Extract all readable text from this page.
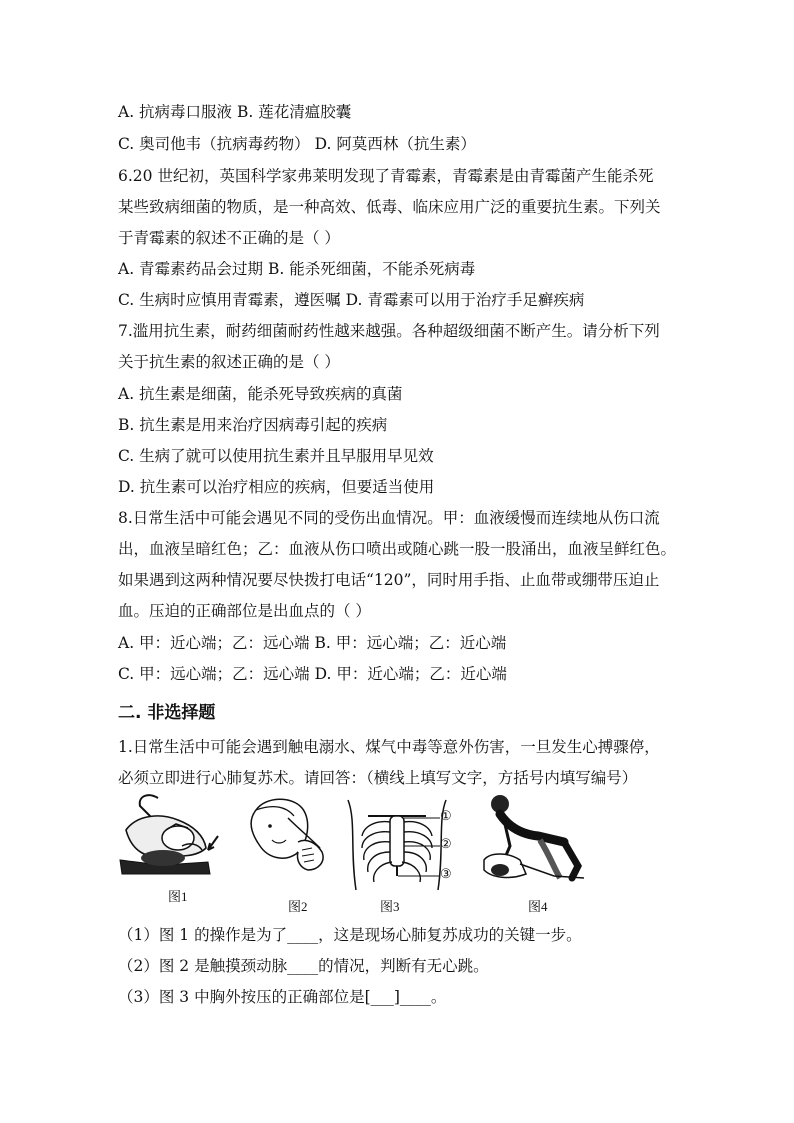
A. 抗病毒口服液 B. 莲花清瘟胶囊
C. 奥司他韦（抗病毒药物） D. 阿莫西林（抗生素）
6.20 世纪初，英国科学家弗莱明发现了青霉素，青霉素是由青霉菌产生能杀死
某些致病细菌的物质，是一种高效、低毒、临床应用广泛的重要抗生素。下列关
于青霉素的叙述不正确的是（ ）
A. 青霉素药品会过期 B. 能杀死细菌，不能杀死病毒
C. 生病时应慎用青霉素，遵医嘱 D. 青霉素可以用于治疗手足癣疾病
7.滥用抗生素，耐药细菌耐药性越来越强。各种超级细菌不断产生。请分析下列
关于抗生素的叙述正确的是（ ）
A. 抗生素是细菌，能杀死导致疾病的真菌
B. 抗生素是用来治疗因病毒引起的疾病
C. 生病了就可以使用抗生素并且早服用早见效
D. 抗生素可以治疗相应的疾病，但要适当使用
8.日常生活中可能会遇见不同的受伤出血情况。甲：血液缓慢而连续地从伤口流
出，血液呈暗红色；乙：血液从伤口喷出或随心跳一股一股涌出，血液呈鲜红色。
如果遇到这两种情况要尽快拨打电话“120”，同时用手指、止血带或绷带压迫止
血。压迫的正确部位是出血点的（ ）
A. 甲：近心端；乙：远心端 B. 甲：远心端；乙：近心端
C. 甲：远心端；乙：远心端 D. 甲：近心端；乙：近心端
二. 非选择题
1.日常生活中可能会遇到触电溺水、煤气中毒等意外伤害，一旦发生心搏骤停，
必须立即进行心肺复苏术。请回答：（横线上填写文字，方括号内填写编号）
图1
图2
①
②
③
图3	图4
（1）图 1 的操作是为了____，这是现场心肺复苏成功的关键一步。
（2）图 2 是触摸颈动脉____的情况，判断有无心跳。
（3）图 3 中胸外按压的正确部位是[___]____。
